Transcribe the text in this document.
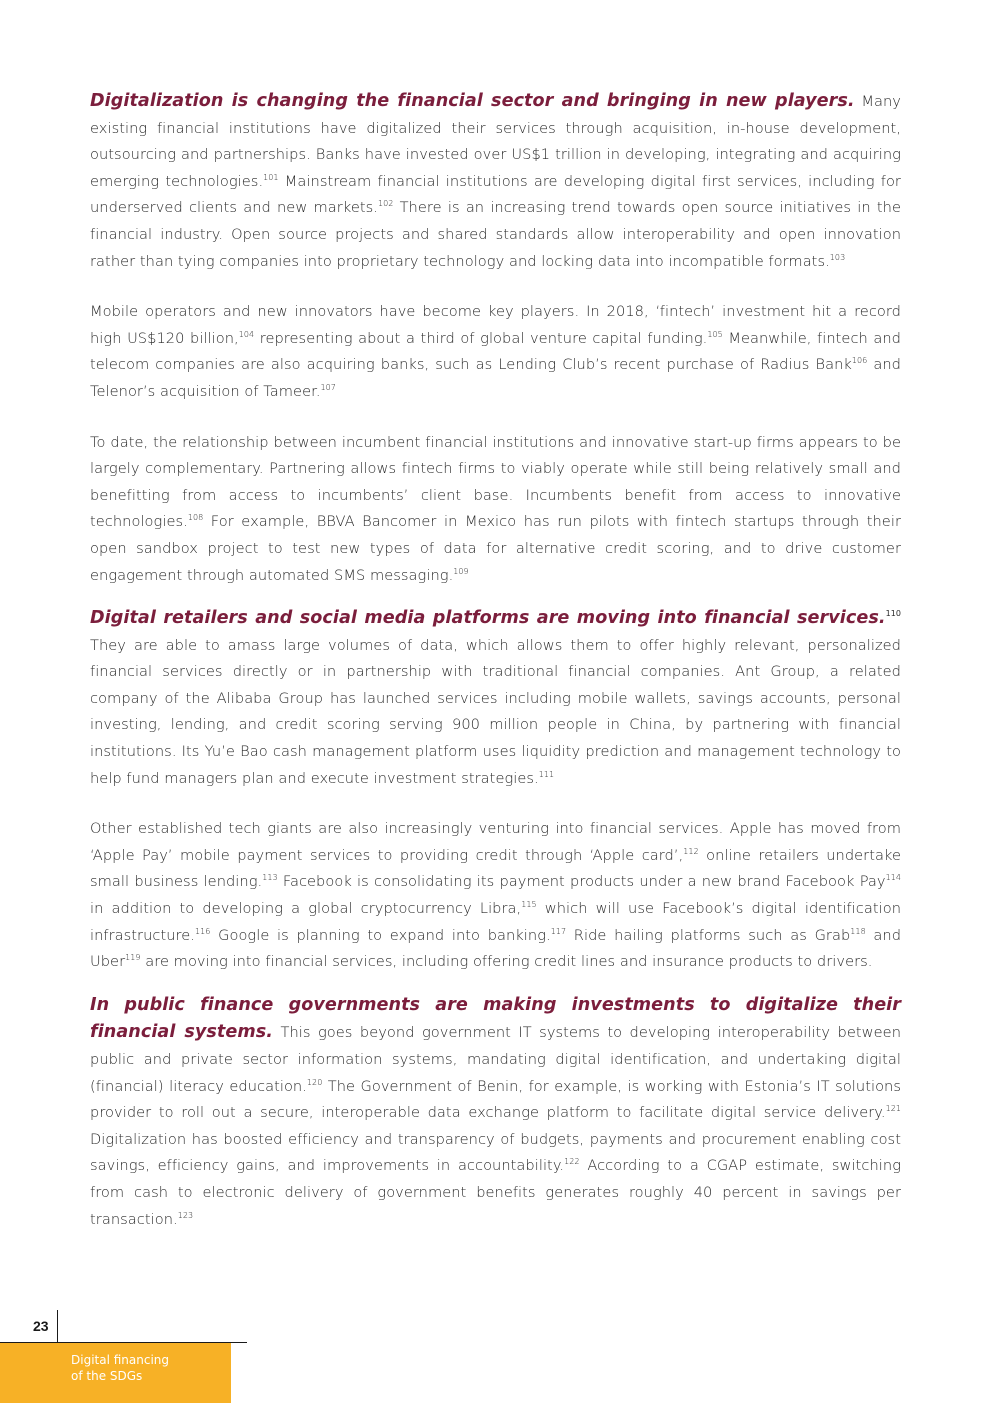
Digitalization is changing the financial sector and bringing in new players. Many existing financial institutions have digitalized their services through acquisition, in-house development, outsourcing and partnerships. Banks have invested over US$1 trillion in developing, integrating and acquiring emerging technologies.$^{101}$ Mainstream financial institutions are developing digital first services, including for underserved clients and new markets.$^{102}$ There is an increasing trend towards open source initiatives in the financial industry. Open source projects and shared standards allow interoperability and open innovation rather than tying companies into proprietary technology and locking data into incompatible formats.$^{103}$

Mobile operators and new innovators have become key players. In 2018, ‘fintech’ investment hit a record high US$120 billion,$^{104}$ representing about a third of global venture capital funding.$^{105}$ Meanwhile, fintech and telecom companies are also acquiring banks, such as Lending Club’s recent purchase of Radius Bank$^{106}$ and Telenor’s acquisition of Tameer.$^{107}$

To date, the relationship between incumbent financial institutions and innovative start-up firms appears to be largely complementary. Partnering allows fintech firms to viably operate while still being relatively small and benefitting from access to incumbents’ client base. Incumbents benefit from access to innovative technologies.$^{108}$ For example, BBVA Bancomer in Mexico has run pilots with fintech startups through their open sandbox project to test new types of data for alternative credit scoring, and to drive customer engagement through automated SMS messaging.$^{109}$

Digital retailers and social media platforms are moving into financial services.$^{110}$ They are able to amass large volumes of data, which allows them to offer highly relevant, personalized financial services directly or in partnership with traditional financial companies. Ant Group, a related company of the Alibaba Group has launched services including mobile wallets, savings accounts, personal investing, lending, and credit scoring serving 900 million people in China, by partnering with financial institutions. Its Yu’e Bao cash management platform uses liquidity prediction and management technology to help fund managers plan and execute investment strategies.$^{111}$

Other established tech giants are also increasingly venturing into financial services. Apple has moved from ‘Apple Pay’ mobile payment services to providing credit through ‘Apple card’,$^{112}$ online retailers undertake small business lending.$^{113}$ Facebook is consolidating its payment products under a new brand Facebook Pay$^{114}$ in addition to developing a global cryptocurrency Libra,$^{115}$ which will use Facebook’s digital identification infrastructure.$^{116}$ Google is planning to expand into banking.$^{117}$ Ride hailing platforms such as Grab$^{118}$ and Uber$^{119}$ are moving into financial services, including offering credit lines and insurance products to drivers.

In public finance governments are making investments to digitalize their financial systems. This goes beyond government IT systems to developing interoperability between public and private sector information systems, mandating digital identification, and undertaking digital (financial) literacy education.$^{120}$ The Government of Benin, for example, is working with Estonia’s IT solutions provider to roll out a secure, interoperable data exchange platform to facilitate digital service delivery.$^{121}$ Digitalization has boosted efficiency and transparency of budgets, payments and procurement enabling cost savings, efficiency gains, and improvements in accountability.$^{122}$ According to a CGAP estimate, switching from cash to electronic delivery of government benefits generates roughly 40 percent in savings per transaction.$^{123}$

23
Digital financing
of the SDGs
